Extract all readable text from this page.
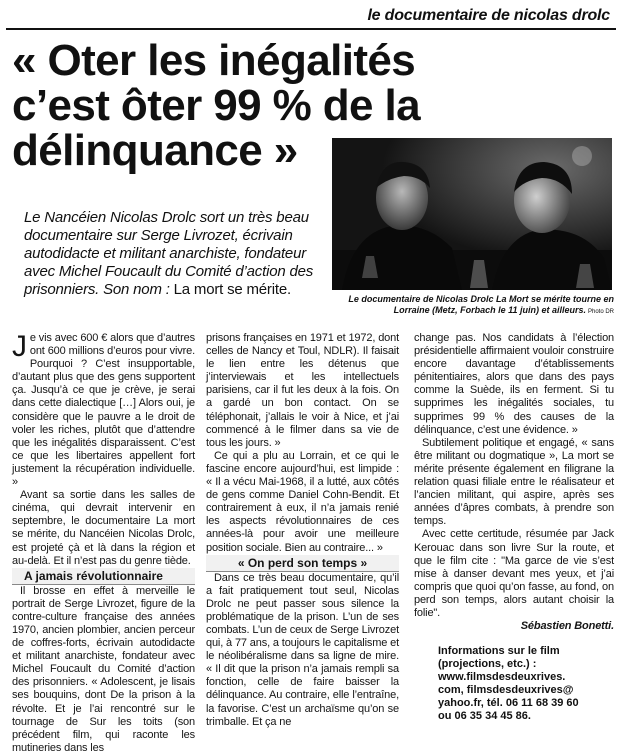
le documentaire de nicolas drolc
« Oter les inégalités c’est ôter 99 % de la délinquance »
Le Nancéien Nicolas Drolc sort un très beau documentaire sur Serge Livrozet, écrivain autodidacte et militant anarchiste, fondateur avec Michel Foucault du Comité d’action des prisonniers. Son nom : La mort se mérite.
Le documentaire de Nicolas Drolc La Mort se mérite tourne en Lorraine (Metz, Forbach le 11 juin) et ailleurs. Photo DR

Je vis avec 600 € alors que d’autres ont 600 millions d’euros pour vivre. Pourquoi ? C’est insupportable, d’autant plus que des gens supportent ça. Jusqu’à ce que je crève, je serai dans cette dialectique […] Alors oui, je considère que le pauvre a le droit de voler les riches, plutôt que d’attendre que les inégalités disparaissent. C’est ce que les libertaires appellent fort justement la récupération individuelle. »

Avant sa sortie dans les salles de cinéma, qui devrait intervenir en septembre, le documentaire La mort se mérite, du Nancéien Nicolas Drolc, est projeté çà et là dans la région et au-delà. Et il n’est pas du genre tiède.

A jamais révolutionnaire

Il brosse en effet à merveille le portrait de Serge Livrozet, figure de la contre-culture française des années 1970, ancien plombier, ancien perceur de coffres-forts, écrivain autodidacte et militant anarchiste, fondateur avec Michel Foucault du Comité d’action des prisonniers. « Adolescent, je lisais ses bouquins, dont De la prison à la révolte. Et je l’ai rencontré sur le tournage de Sur les toits (son précédent film, qui raconte les mutineries dans les

prisons françaises en 1971 et 1972, dont celles de Nancy et Toul, NDLR). Il faisait le lien entre les détenus que j’interviewais et les intellectuels parisiens, car il fut les deux à la fois. On a gardé un bon contact. On se téléphonait, j’allais le voir à Nice, et j’ai commencé à le filmer dans sa vie de tous les jours. »

Ce qui a plu au Lorrain, et ce qui le fascine encore aujourd’hui, est limpide : « Il a vécu Mai-1968, il a lutté, aux côtés de gens comme Daniel Cohn-Bendit. Et contrairement à eux, il n’a jamais renié les aspects révolutionnaires de ces années-là pour avoir une meilleure position sociale. Bien au contraire... »

« On perd son temps »

Dans ce très beau documentaire, qu’il a fait pratiquement tout seul, Nicolas Drolc ne peut passer sous silence la problématique de la prison. L’un de ses combats. L’un de ceux de Serge Livrozet qui, à 77 ans, a toujours le capitalisme et le néolibéralisme dans sa ligne de mire. « Il dit que la prison n’a jamais rempli sa fonction, celle de faire baisser la délinquance. Au contraire, elle l’entraîne, la favorise. C’est un archaïsme qu’on se trimballe. Et ça ne

change pas. Nos candidats à l’élection présidentielle affirmaient vouloir construire encore davantage d’établissements pénitentiaires, alors que dans des pays comme la Suède, ils en ferment. Si tu supprimes les inégalités sociales, tu supprimes 99 % des causes de la délinquance, c’est une évidence. »

Subtilement politique et engagé, « sans être militant ou dogmatique », La mort se mérite présente également en filigrane la relation quasi filiale entre le réalisateur et l’ancien militant, qui aspire, après ses années d’âpres combats, à prendre son temps.

Avec cette certitude, résumée par Jack Kerouac dans son livre Sur la route, et que le film cite : "Ma garce de vie s’est mise à danser devant mes yeux, et j’ai compris que quoi qu’on fasse, au fond, on perd son temps, alors autant choisir la folie".

Sébastien Bonetti.

Informations sur le film
(projections, etc.) :
www.filmsdesdeuxrives.
com, filmsdesdeuxrives@
yahoo.fr, tél. 06 11 68 39 60
ou 06 35 34 45 86.
